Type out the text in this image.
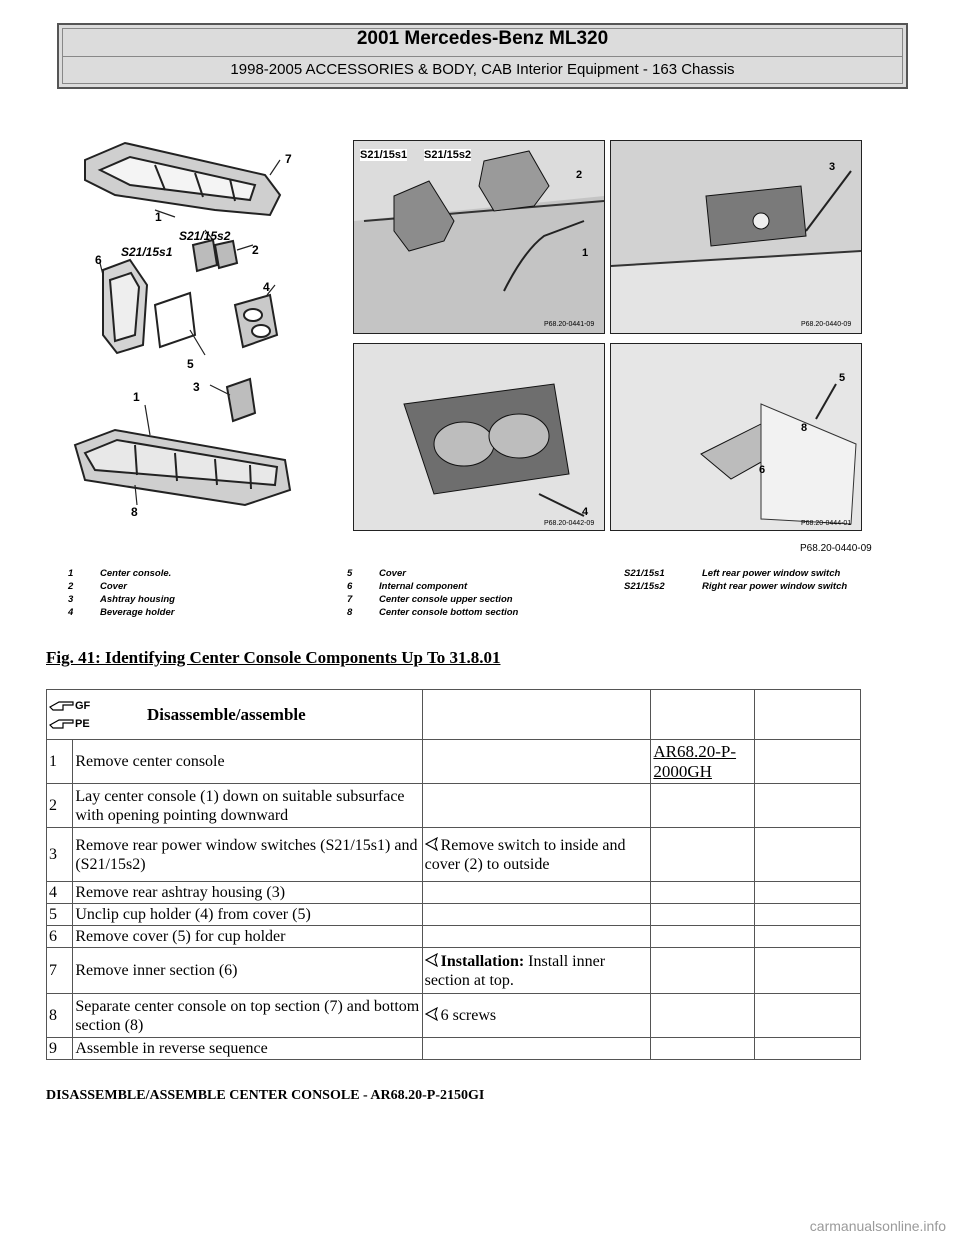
2001 Mercedes-Benz ML320
1998-2005 ACCESSORIES & BODY, CAB Interior Equipment - 163 Chassis
7
1
S21/15s2
S21/15s1	2
6
4
5
3
1
8
S21/15s1 S21/15s2
2
1
P68.20-0441-09
3
P68.20-0440-09
4
P68.20-0442-09
5
8
6
P68.20-0444-01
P68.20-0440-09
1	Center console.
2	Cover
3	Ashtray housing
4	Beverage holder
5	Cover
6	Internal component
7	Center console upper section
8	Center console bottom section
S21/15s1	Left rear power window switch
S21/15s2	Right rear power window switch
Fig. 41: Identifying Center Console Components Up To 31.8.01
GF
PE Disassemble/assemble				

1	Remove center console		AR68.20-P-2000GH	
2	Lay center console (1) down on suitable subsurface with opening pointing downward			
3	Remove rear power window switches (S21/15s1) and (S21/15s2)	Remove switch to inside and cover (2) to outside		
4	Remove rear ashtray housing (3)			
5	Unclip cup holder (4) from cover (5)			
6	Remove cover (5) for cup holder			
7	Remove inner section (6)	Installation: Install inner section at top.		
8	Separate center console on top section (7) and bottom section (8)	6 screws		
9	Assemble in reverse sequence			
DISASSEMBLE/ASSEMBLE CENTER CONSOLE - AR68.20-P-2150GI
carmanualsonline.info
